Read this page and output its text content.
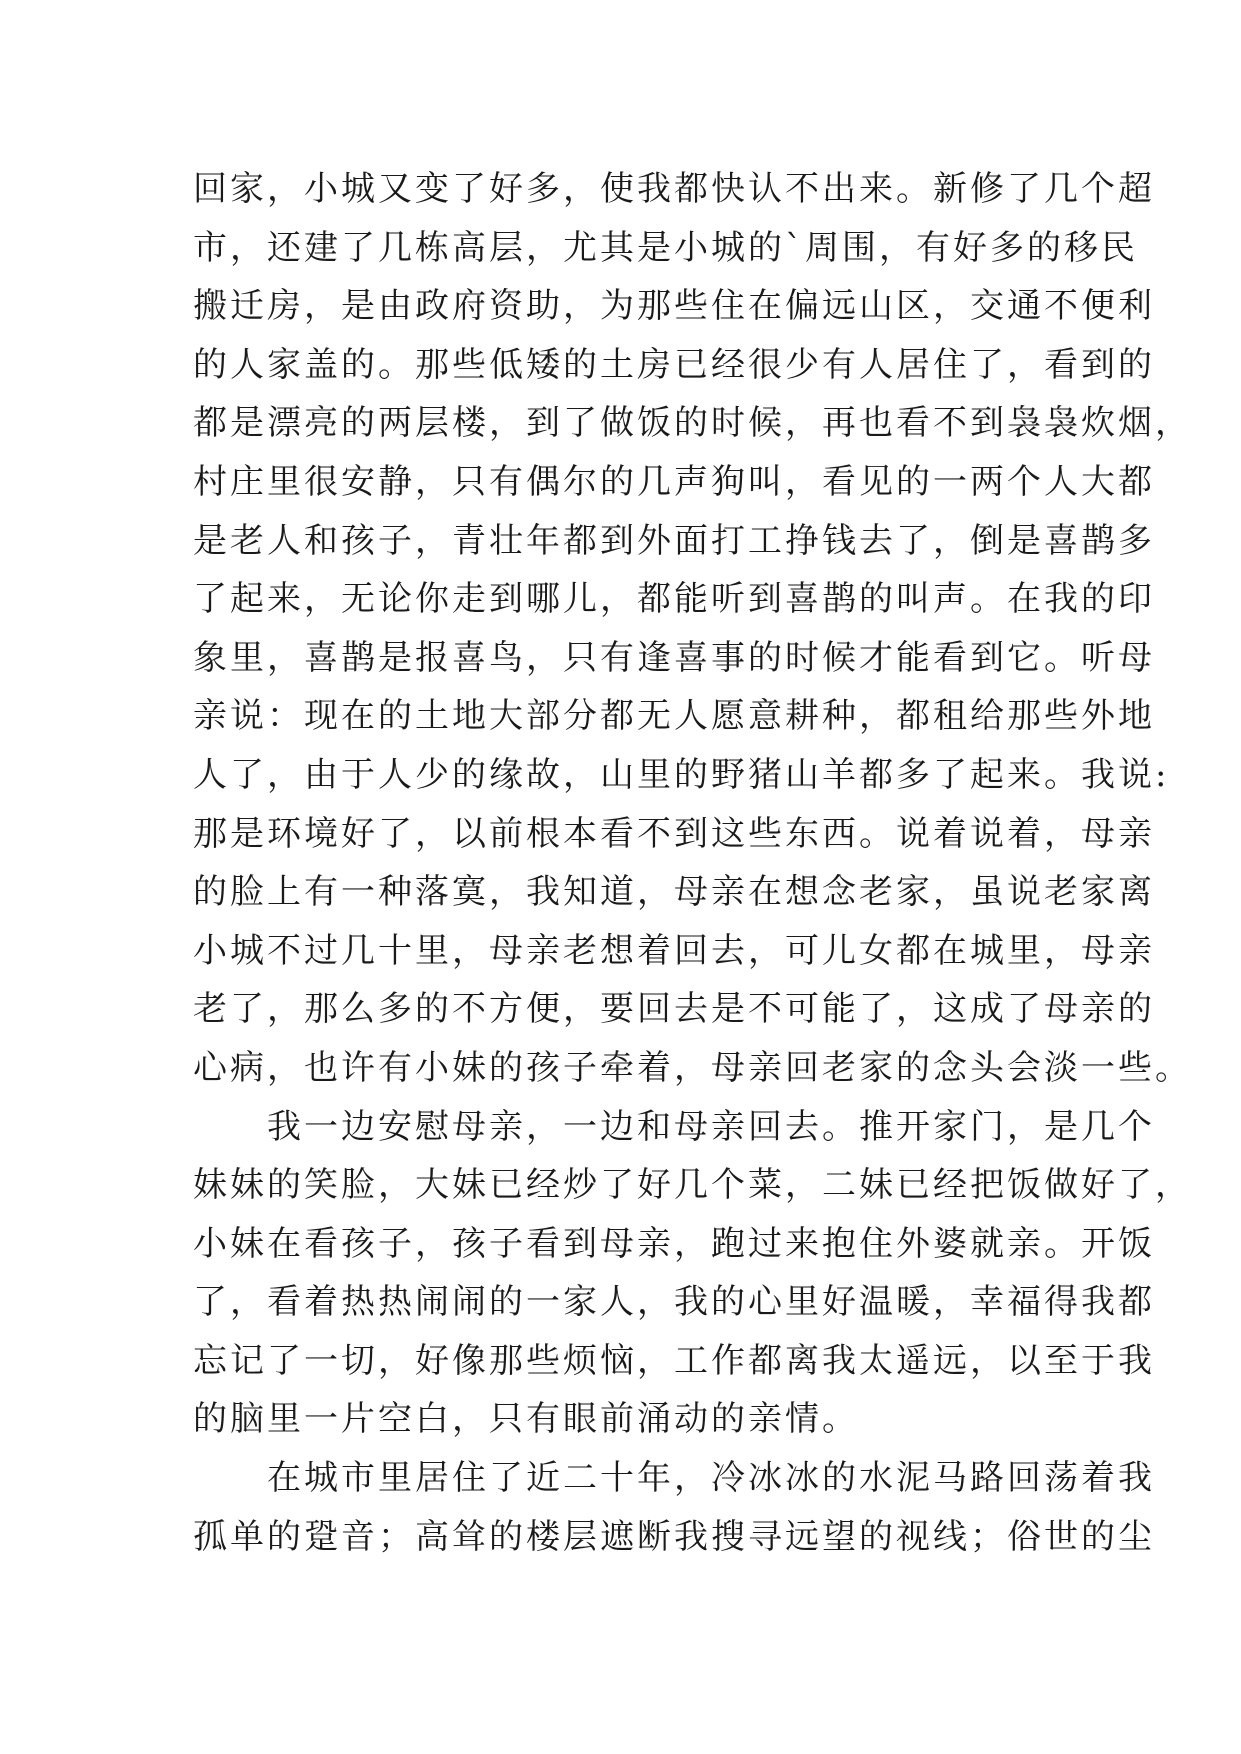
回家，小城又变了好多，使我都快认不出来。新修了几个超
市，还建了几栋高层，尤其是小城的`周围，有好多的移民
搬迁房，是由政府资助，为那些住在偏远山区，交通不便利
的人家盖的。那些低矮的土房已经很少有人居住了，看到的
都是漂亮的两层楼，到了做饭的时候，再也看不到袅袅炊烟，
村庄里很安静，只有偶尔的几声狗叫，看见的一两个人大都
是老人和孩子，青壮年都到外面打工挣钱去了，倒是喜鹊多
了起来，无论你走到哪儿，都能听到喜鹊的叫声。在我的印
象里，喜鹊是报喜鸟，只有逢喜事的时候才能看到它。听母
亲说：现在的土地大部分都无人愿意耕种，都租给那些外地
人了，由于人少的缘故，山里的野猪山羊都多了起来。我说:
那是环境好了，以前根本看不到这些东西。说着说着，母亲
的脸上有一种落寞，我知道，母亲在想念老家，虽说老家离
小城不过几十里，母亲老想着回去，可儿女都在城里，母亲
老了，那么多的不方便，要回去是不可能了，这成了母亲的
心病，也许有小妹的孩子牵着，母亲回老家的念头会淡一些。
我一边安慰母亲，一边和母亲回去。推开家门，是几个
妹妹的笑脸，大妹已经炒了好几个菜，二妹已经把饭做好了，
小妹在看孩子，孩子看到母亲，跑过来抱住外婆就亲。开饭
了，看着热热闹闹的一家人，我的心里好温暖，幸福得我都
忘记了一切，好像那些烦恼，工作都离我太遥远，以至于我
的脑里一片空白，只有眼前涌动的亲情。
在城市里居住了近二十年，冷冰冰的水泥马路回荡着我
孤单的跫音；高耸的楼层遮断我搜寻远望的视线；俗世的尘
